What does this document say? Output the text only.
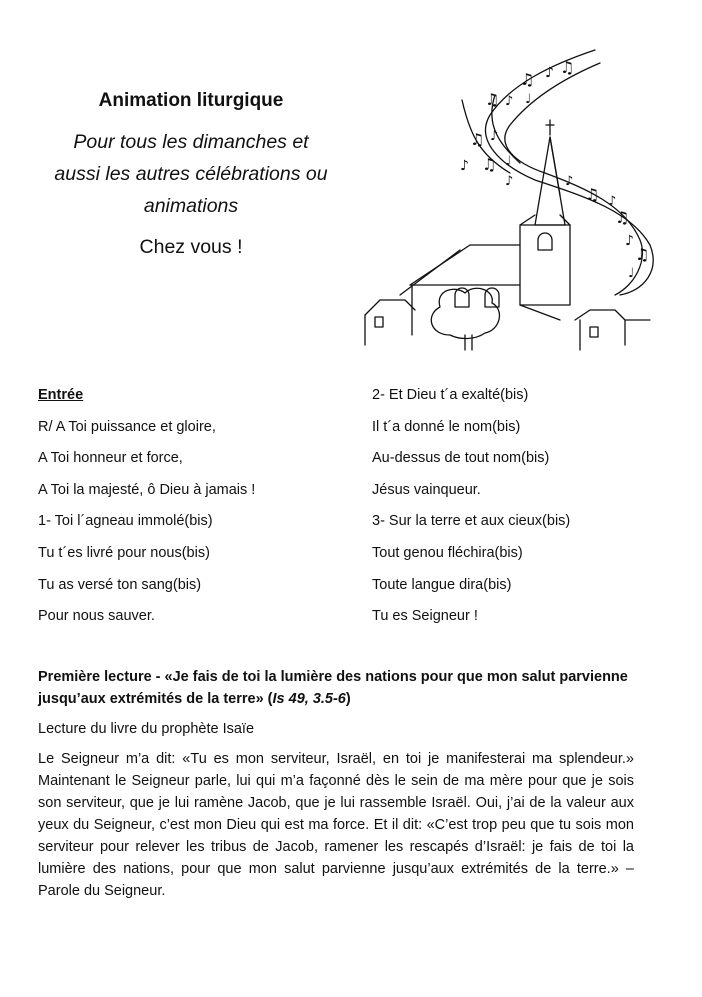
Animation liturgique

Pour tous les dimanches et
aussi les autres célébrations ou
animations

Chez vous !
♫ ♪ ♫
♫ ♪ ♩
♫ ♪
♪ ♫ ♩
♪	♪
♫ ♪
♫
♪
♫
♩
Entrée
R/ A Toi puissance et gloire,
A Toi honneur et force,
A Toi la majesté, ô Dieu à jamais !
1- Toi l´agneau immolé(bis)
Tu t´es livré pour nous(bis)
Tu as versé ton sang(bis)
Pour nous sauver.
2- Et Dieu t´a exalté(bis)
Il t´a donné le nom(bis)
Au-dessus de tout nom(bis)
Jésus vainqueur.
3- Sur la terre et aux cieux(bis)
Tout genou fléchira(bis)
Toute langue dira(bis)
Tu es Seigneur !

Première lecture - «Je fais de toi la lumière des nations pour que mon salut parvienne jusqu’aux extrémités de la terre» (Is 49, 3.5-6)

Lecture du livre du prophète Isaïe

Le Seigneur m’a dit: «Tu es mon serviteur, Israël, en toi je manifesterai ma splendeur.» Maintenant le Seigneur parle, lui qui m’a façonné dès le sein de ma mère pour que je sois son serviteur, que je lui ramène Jacob, que je lui rassemble Israël. Oui, j’ai de la valeur aux yeux du Seigneur, c’est mon Dieu qui est ma force. Et il dit: «C’est trop peu que tu sois mon serviteur pour relever les tribus de Jacob, ramener les rescapés d’Israël: je fais de toi la lumière des nations, pour que mon salut parvienne jusqu’aux extrémités de la terre.» – Parole du Seigneur.
